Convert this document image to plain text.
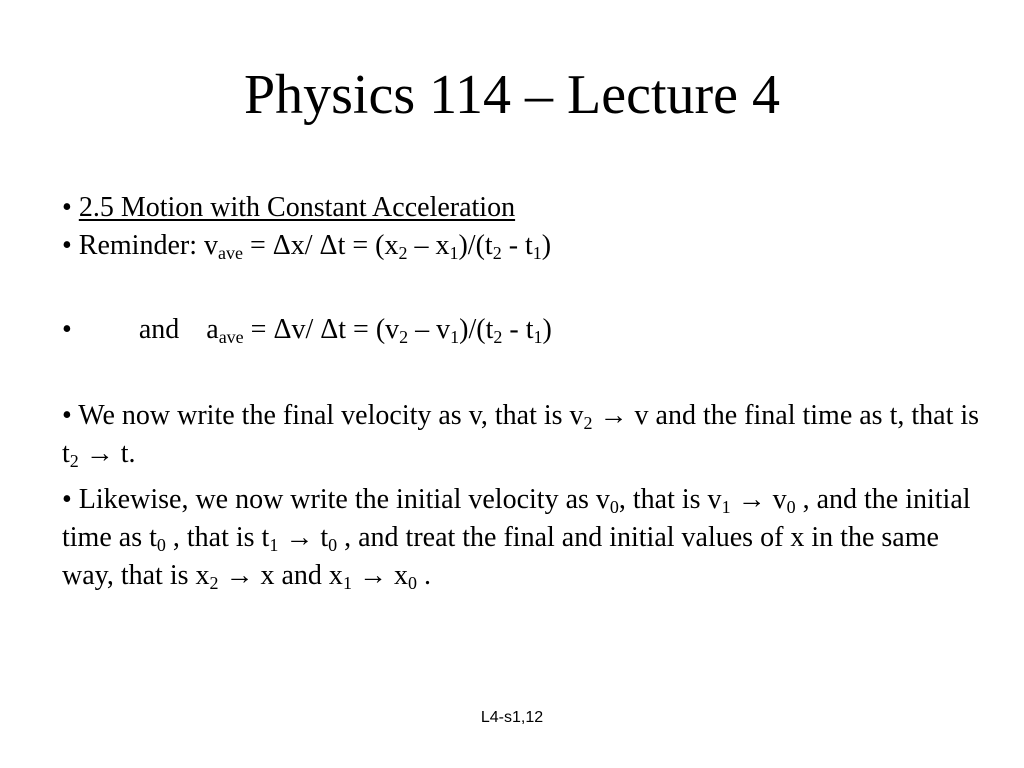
Physics 114 – Lecture 4
• 2.5 Motion with Constant Acceleration
• Reminder: $v_{ave} = \Delta x/$ $\Delta t = (x_2 - x_1)/(t_2 - t_1)$
• and $a_{ave} = \Delta v/$ $\Delta t = (v_2 - v_1)/(t_2 - t_1)$
• We now write the final velocity as v, that is $v_2 \to v$ and the final time as t, that is $t_2 \to t$.
• Likewise, we now write the initial velocity as $v_0$, that is $v_1 \to v_0$ , and the initial time as $t_0$ , that is $t_1 \to t_0$ , and treat the final and initial values of x in the same way, that is $x_2 \to x$ and $x_1 \to x_0$ .
L4-s1,12
